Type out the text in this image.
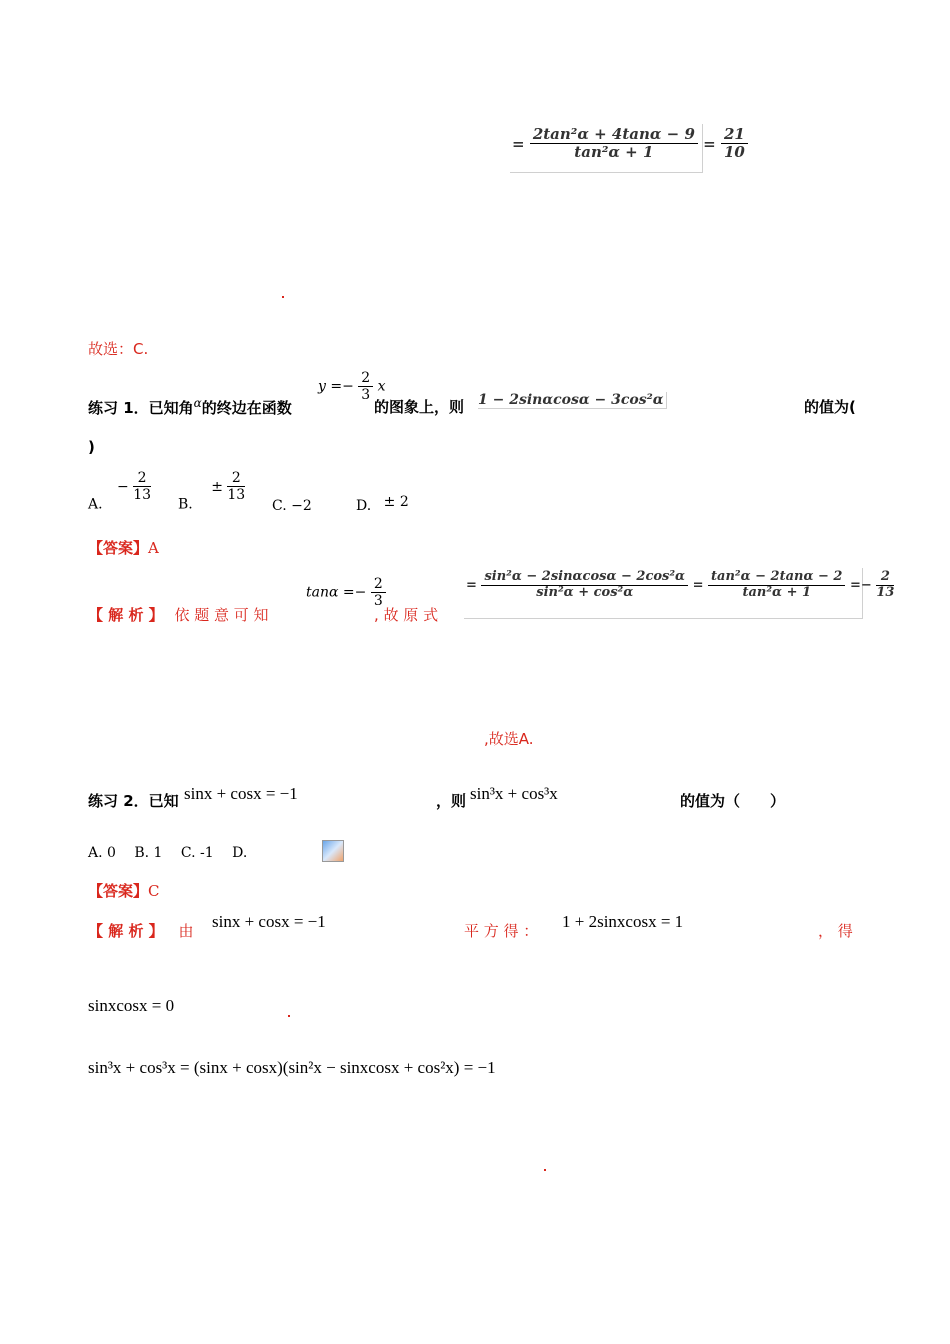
= $\frac{\text{2tan²α + 4tanα − 9}}{\text{tan²α + 1}} = \frac{21}{10}$
故选：C.
练习 1．已知角$^\alpha$的终边在函数
$y =- \frac{2}{3}$ x
的图象上，则 1 − 2sinαcosα − 3cos²α	的值为(
)
A. − $\frac{2}{13}$
B. ± $\frac{2}{13}$
C. −2	D. ± 2
【答案】A
【 解 析 】 依 题 意 可 知
$\tan\alpha =- \frac{2}{3}$
, 故 原 式
= $\frac{\text{sin²α − 2sinαcosα − 2cos²α}}{\text{sin²α + cos²α}} = \frac{\text{tan²α − 2tanα − 2}}{\text{tan²α + 1}} =- \frac{2}{13}$
,故选A.
练习 2．已知 sinx + cosx = −1	，则 sin³x + cos³x	的值为（　　）
A. 0　 B. 1　 C. -1　 D.
【答案】C
【 解 析 】 由 sinx + cosx = −1	平 方 得 ： 1 + 2sinxcosx = 1	， 得
sinxcosx = 0
sin³x + cos³x = (sinx + cosx)(sin²x − sinxcosx + cos²x) = −1
